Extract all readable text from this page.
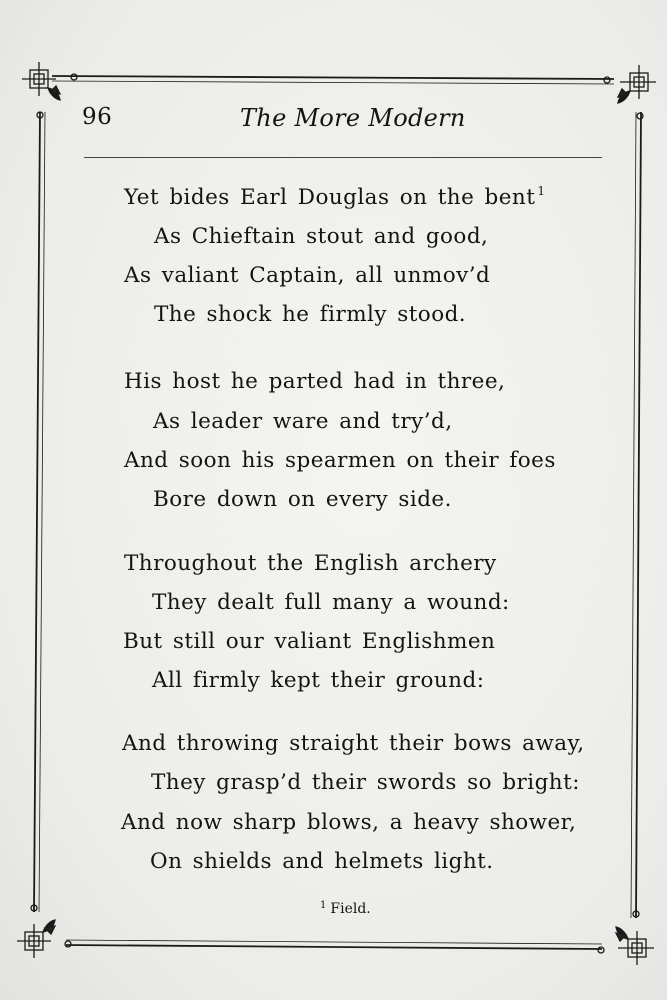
96	The More Modern
Yet bides Earl Douglas on the bent $^1$
As Chieftain stout and good,
As valiant Captain, all unmov’d
The shock he firmly stood.
His host he parted had in three,
As leader ware and try’d,
And soon his spearmen on their foes
Bore down on every side.
Throughout the English archery
They dealt full many a wound:
But still our valiant Englishmen
All firmly kept their ground:
And throwing straight their bows away,
They grasp’d their swords so bright:
And now sharp blows, a heavy shower,
On shields and helmets light.
$^1$ Field.
